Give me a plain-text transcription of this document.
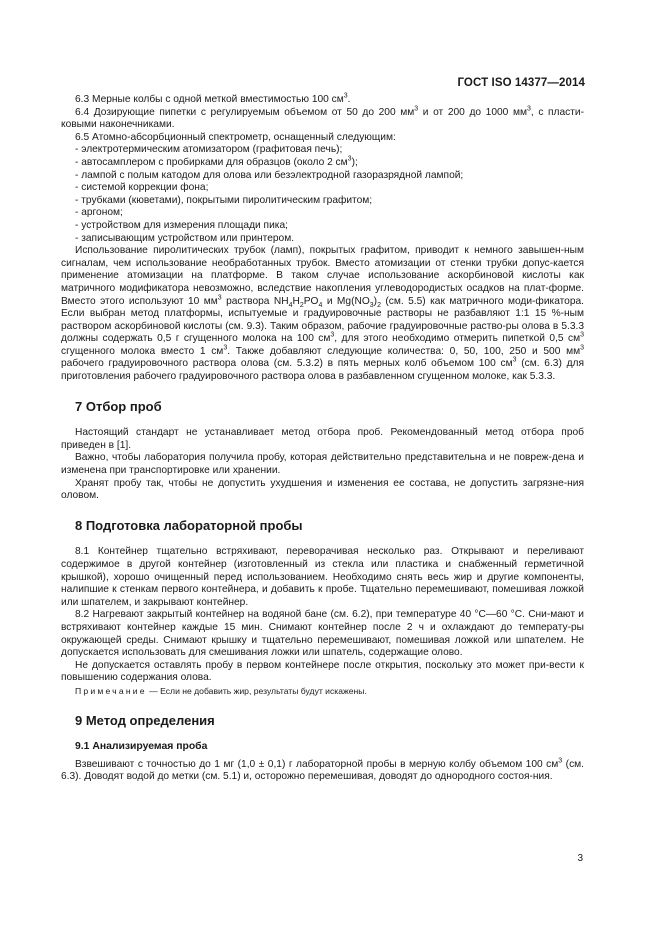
ГОСТ ISO 14377—2014

6.3 Мерные колбы с одной меткой вместимостью 100 $см^3$.

6.4 Дозирующие пипетки с регулируемым объемом от 50 до 200 $мм^3$ и от 200 до 1000 $мм^3$, с пласти-ковыми наконечниками.

6.5 Атомно-абсорбционный спектрометр, оснащенный следующим:

- электротермическим атомизатором (графитовая печь);

- автосамплером с пробирками для образцов (около 2 $см^3$);

- лампой с полым катодом для олова или безэлектродной газоразрядной лампой;

- системой коррекции фона;

- трубками (кюветами), покрытыми пиролитическим графитом;

- аргоном;

- устройством для измерения площади пика;

- записывающим устройством или принтером.

Использование пиролитических трубок (ламп), покрытых графитом, приводит к немного завышен-ным сигналам, чем использование необработанных трубок. Вместо атомизации от стенки трубки допус-кается применение атомизации на платформе. В таком случае использование аскорбиновой кислоты как матричного модификатора невозможно, вследствие накопления углеводородистых осадков на плат-форме. Вместо этого используют 10 $мм^3$ раствора $NH_4H_2PO_4$ и $Mg(NO_3)_2$ (см. 5.5) как матричного моди-фикатора. Если выбран метод платформы, испытуемые и градуировочные растворы не разбавляют 1:1 15 %-ным раствором аскорбиновой кислоты (см. 9.3). Таким образом, рабочие градуировочные раство-ры олова в 5.3.3 должны содержать 0,5 г сгущенного молока на 100 $см^3$, для этого необходимо отмерить пипеткой 0,5 $см^3$ сгущенного молока вместо 1 $см^3$. Также добавляют следующие количества: 0, 50, 100, 250 и 500 $мм^3$ рабочего градуировочного раствора олова (см. 5.3.2) в пять мерных колб объемом 100 $см^3$ (см. 6.3) для приготовления рабочего градуировочного раствора олова в разбавленном сгущенном молоке, как 5.3.3.

7 Отбор проб

Настоящий стандарт не устанавливает метод отбора проб. Рекомендованный метод отбора проб приведен в [1].

Важно, чтобы лаборатория получила пробу, которая действительно представительна и не повреж-дена и изменена при транспортировке или хранении.

Хранят пробу так, чтобы не допустить ухудшения и изменения ее состава, не допустить загрязне-ния оловом.

8 Подготовка лабораторной пробы

8.1 Контейнер тщательно встряхивают, переворачивая несколько раз. Открывают и переливают содержимое в другой контейнер (изготовленный из стекла или пластика и снабженный герметичной крышкой), хорошо очищенный перед использованием. Необходимо снять весь жир и другие компоненты, налипшие к стенкам первого контейнера, и добавить к пробе. Тщательно перемешивают, помешивая ложкой или шпателем, и закрывают контейнер.

8.2 Нагревают закрытый контейнер на водяной бане (см. 6.2), при температуре 40 °С—60 °С. Сни-мают и встряхивают контейнер каждые 15 мин. Снимают контейнер после 2 ч и охлаждают до температу-ры окружающей среды. Снимают крышку и тщательно перемешивают, помешивая ложкой или шпателем. Не допускается использовать для смешивания ложки или шпатель, содержащие олово.

Не допускается оставлять пробу в первом контейнере после открытия, поскольку это может при-вести к повышению содержания олова.

Примечание — Если не добавить жир, результаты будут искажены.

9 Метод определения
9.1 Анализируемая проба

Взвешивают с точностью до 1 мг (1,0 ± 0,1) г лабораторной пробы в мерную колбу объемом 100 $см^3$ (см. 6.3). Доводят водой до метки (см. 5.1) и, осторожно перемешивая, доводят до однородного состоя-ния.

3
